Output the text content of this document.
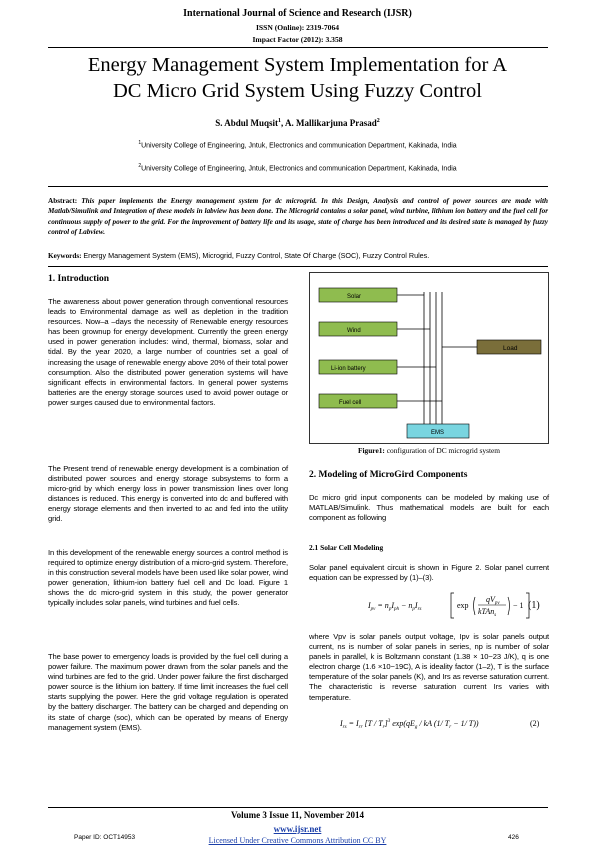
International Journal of Science and Research (IJSR)
ISSN (Online): 2319-7064
Impact Factor (2012): 3.358
Energy Management System Implementation for A
DC Micro Grid System Using Fuzzy Control
S. Abdul Muqsit$^1$, A. Mallikarjuna Prasad$^2$
$^1$University College of Engineering, Jntuk, Electronics and communication Department, Kakinada, India
$^2$University College of Engineering, Jntuk, Electronics and communication Department, Kakinada, India
Abstract: This paper implements the Energy management system for dc microgrid. In this Design, Analysis and control of power sources are made with Matlab/Simulink and Integration of these models in labview has been done. The Microgrid contains a solar panel, wind turbine, lithium ion battery and the fuel cell for continuous supply of power to the grid. For the improvement of battery life and its usage, state of charge has been introduced and its desired state is managed by fuzzy control of Labview.
Keywords: Energy Management System (EMS), Microgrid, Fuzzy Control, State Of Charge (SOC), Fuzzy Control Rules.
1. Introduction
The awareness about power generation through conventional resources leads to Environmental damage as well as depletion in the tradition resources. Now–a –days the necessity of Renewable energy resources has been grownup for energy development. Currently the green energy used in power generation includes: wind, thermal, biomass, solar and tidal. By the year 2020, a large number of countries set a goal of increasing the usage of renewable energy above 20% of their total power consumption. Also the distributed power generation systems will have significant effects in environmental factors. In general power systems batteries are the energy storage sources used to avoid power outage or power surges caused due to environmental factors.
The Present trend of renewable energy development is a combination of distributed power sources and energy storage subsystems to form a micro-grid by which energy loss in power transmission lines over long distances is reduced. This energy is converted into dc and buffered with energy storage elements and then inverted to ac and fed into the utility grid.
In this development of the renewable energy sources a control method is required to optimize energy distribution of a micro-grid system. Therefore, in this construction several models have been used like solar power, wind power generation, lithium-ion battery fuel cell and Dc load. Figure 1 shows the dc micro-grid system in this study, the power generator typically includes solar panels, wind turbines and fuel cells.
The base power to emergency loads is provided by the fuel cell during a power failure. The maximum power drawn from the solar panels and the wind turbines are fed to the grid. Under power failure the first discharged power source is the lithium ion battery. If time limit increases the fuel cell starts supplying the power. Here the grid voltage regulation is operated by the battery discharger. The battery can be charged and depending on its state of charge (soc), which can be operated by means of Energy management system (EMS).
Solar
Wind
Li-ion battery
Fuel cell
Load
EMS
Figure1: configuration of DC microgrid system
2. Modeling of MicroGird Components
Dc micro grid input components can be modeled by making use of MATLAB/Simulink. Thus mathematical models are built for each component as following
2.1 Solar Cell Modeling
Solar panel equivalent circuit is shown in Figure 2. Solar panel current equation can be expressed by (1)–(3).
$I_{pv} = n_pI_{ph} - n_pI_{rs}$	exp
$qV_{pv}$
kTAn$_s$
− 1 (1)
where Vpv is solar panels output voltage, Ipv is solar panels output current, ns is number of solar panels in series, np is number of solar panels in parallel, k is Boltzmann constant (1.38 × 10−23 J/K), q is one electron charge (1.6 ×10−19C), A is ideality factor (1–2), T is the surface temperature of the solar panels (K), and Irs as reverse saturation current. The characteristic is reverse saturation current Irs varies with temperature.
$I_{rs} = I_{rr}$ $[T / T_r]^3$ $\exp(qE_g$ / kA (1/ $T_r - 1/$ T))	(2)
Volume 3 Issue 11, November 2014
www.ijsr.net
Licensed Under Creative Commons Attribution CC BY
Paper ID: OCT14953	426
